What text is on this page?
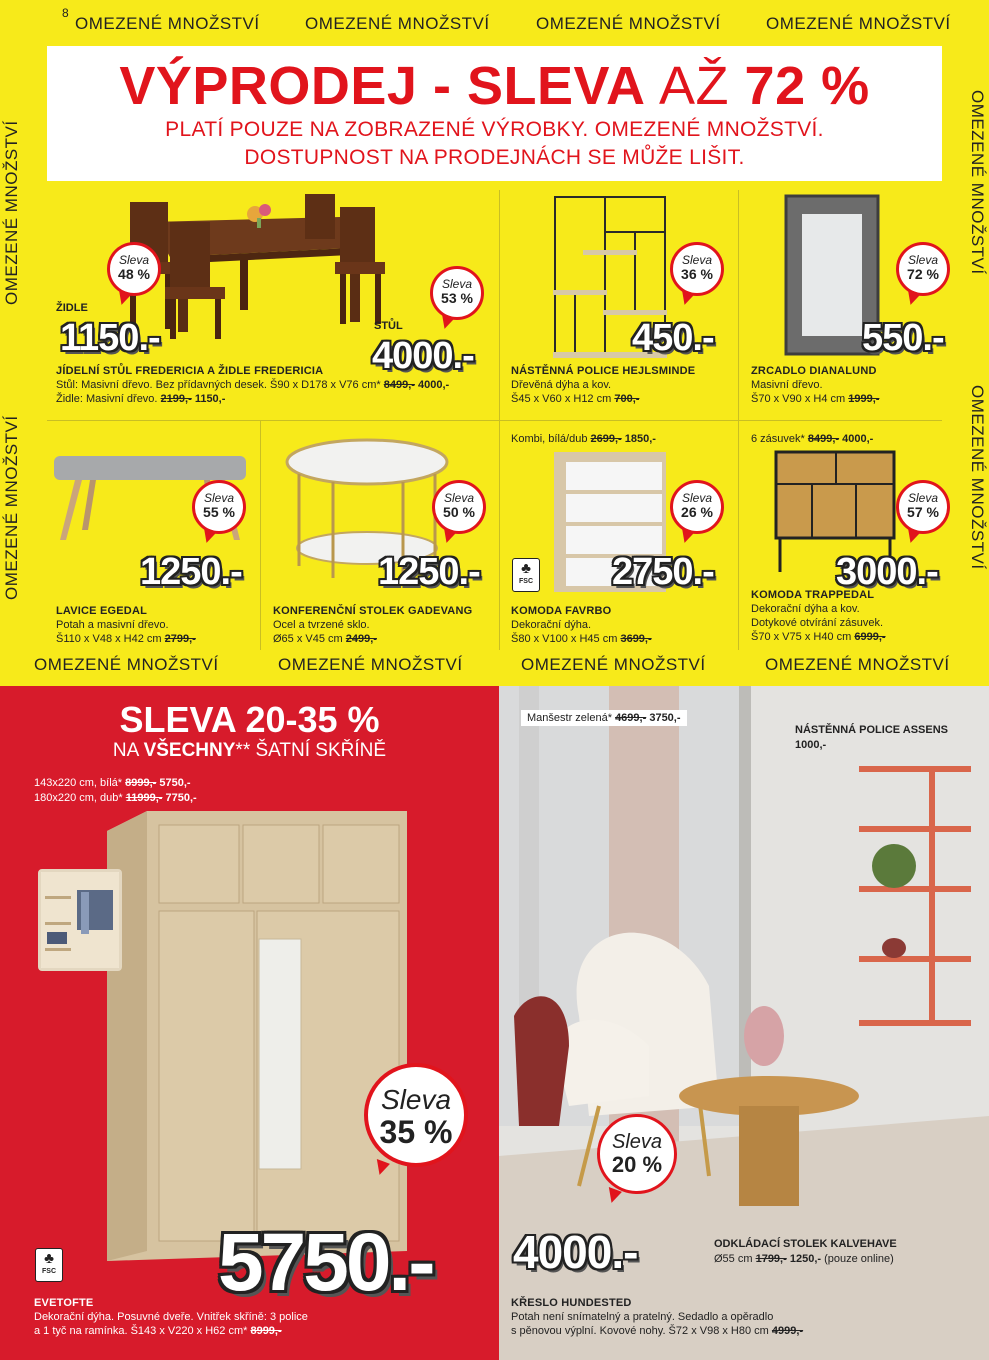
8
OMEZENÉ MNOŽSTVÍ	OMEZENÉ MNOŽSTVÍ	OMEZENÉ MNOŽSTVÍ	OMEZENÉ MNOŽSTVÍ
OMEZENÉ MNOŽSTVÍ	OMEZENÉ MNOŽSTVÍ	OMEZENÉ MNOŽSTVÍ	OMEZENÉ MNOŽSTVÍ
OMEZENÉ MNOŽSTVÍ
OMEZENÉ MNOŽSTVÍ
OMEZENÉ MNOŽSTVÍ
OMEZENÉ MNOŽSTVÍ
VÝPRODEJ - SLEVA AŽ 72 %
PLATÍ POUZE NA ZOBRAZENÉ VÝROBKY. OMEZENÉ MNOŽSTVÍ.
DOSTUPNOST NA PRODEJNÁCH SE MŮŽE LIŠIT.
Sleva
48 %
Sleva
53 %
ŽIDLE
1150.-	STŮL
4000.-
JÍDELNÍ STŮL FREDERICIA A ŽIDLE FREDERICIA
Stůl: Masivní dřevo. Bez přídavných desek. Š90 x D178 x V76 cm* 8499,- 4000,-
Židle: Masivní dřevo. 2199,- 1150,-
Sleva
36 %
450.-
NÁSTĚNNÁ POLICE HEJLSMINDE
Dřevěná dýha a kov.
Š45 x V60 x H12 cm 700,-
Sleva
72 %
550.-
ZRCADLO DIANALUND
Masivní dřevo.
Š70 x V90 x H4 cm 1999,-
Sleva
55 %
1250.-
LAVICE EGEDAL
Potah a masivní dřevo.
Š110 x V48 x H42 cm 2799,-
Sleva
50 %
1250.-
KONFERENČNÍ STOLEK GADEVANG
Ocel a tvrzené sklo.
Ø65 x V45 cm 2499,-
Kombi, bílá/dub 2699,- 1850,-
♣
FSC
Sleva
26 %
2750.-
KOMODA FAVRBO
Dekorační dýha.
Š80 x V100 x H45 cm 3699,-
6 zásuvek* 8499,- 4000,-
Sleva
57 %
3000.-
KOMODA TRAPPEDAL
Dekorační dýha a kov.
Dotykové otvírání zásuvek.
Š70 x V75 x H40 cm 6999,-
SLEVA 20-35 %
NA VŠECHNY** ŠATNÍ SKŘÍNĚ
143x220 cm, bílá* 8999,- 5750,-
180x220 cm, dub* 11999,- 7750,-
Sleva
35 %
5750.-
♣
FSC
EVETOFTE
Dekorační dýha. Posuvné dveře. Vnitřek skříně: 3 police
a 1 tyč na ramínka. Š143 x V220 x H62 cm* 8999,-
Manšestr zelená* 4699,- 3750,-
NÁSTĚNNÁ POLICE ASSENS
1000,-
Sleva
20 %
4000.-	ODKLÁDACÍ STOLEK KALVEHAVE
Ø55 cm 1799,- 1250,- (pouze online)
KŘESLO HUNDESTED
Potah není snímatelný a pratelný. Sedadlo a opěradlo
s pěnovou výplní. Kovové nohy. Š72 x V98 x H80 cm 4999,-
